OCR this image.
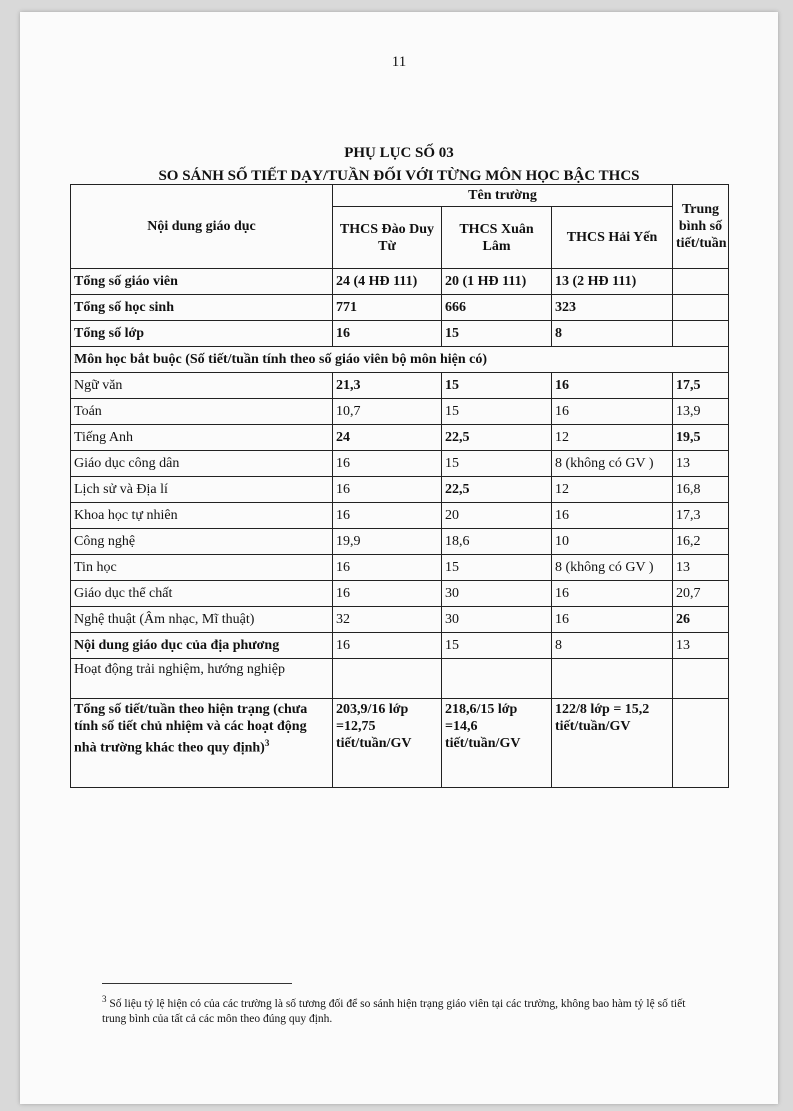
11
PHỤ LỤC SỐ 03
SO SÁNH SỐ TIẾT DẠY/TUẦN ĐỐI VỚI TỪNG MÔN HỌC BẬC THCS
Nội dung giáo dục	Tên trường			Trung bình số tiết/tuần
	THCS Đào Duy Từ	THCS Xuân Lâm	THCS Hải Yến	
Tổng số giáo viên	24 (4 HĐ 111)	20 (1 HĐ 111)	13 (2 HĐ 111)	
Tổng số học sinh	771	666	323	
Tổng số lớp	16	15	8	
Môn học bắt buộc (Số tiết/tuần tính theo số giáo viên bộ môn hiện có)				
Ngữ văn	21,3	15	16	17,5
Toán	10,7	15	16	13,9
Tiếng Anh	24	22,5	12	19,5
Giáo dục công dân	16	15	8 (không có GV )	13
Lịch sử và Địa lí	16	22,5	12	16,8
Khoa học tự nhiên	16	20	16	17,3
Công nghệ	19,9	18,6	10	16,2
Tin học	16	15	8 (không có GV )	13
Giáo dục thể chất	16	30	16	20,7
Nghệ thuật (Âm nhạc, Mĩ thuật)	32	30	16	26
Nội dung giáo dục của địa phương	16	15	8	13
Hoạt động trải nghiệm, hướng nghiệp				
Tổng số tiết/tuần theo hiện trạng (chưa tính số tiết chủ nhiệm và các hoạt động nhà trường khác theo quy định)$^3$	203,9/16 lớp =12,75 tiết/tuần/GV	218,6/15 lớp =14,6 tiết/tuần/GV	122/8 lớp = 15,2 tiết/tuần/GV	
$^3$ Số liệu tỷ lệ hiện có của các trường là số tương đối để so sánh hiện trạng giáo viên tại các trường, không bao hàm tỷ lệ số tiết trung bình của tất cả các môn theo đúng quy định.
